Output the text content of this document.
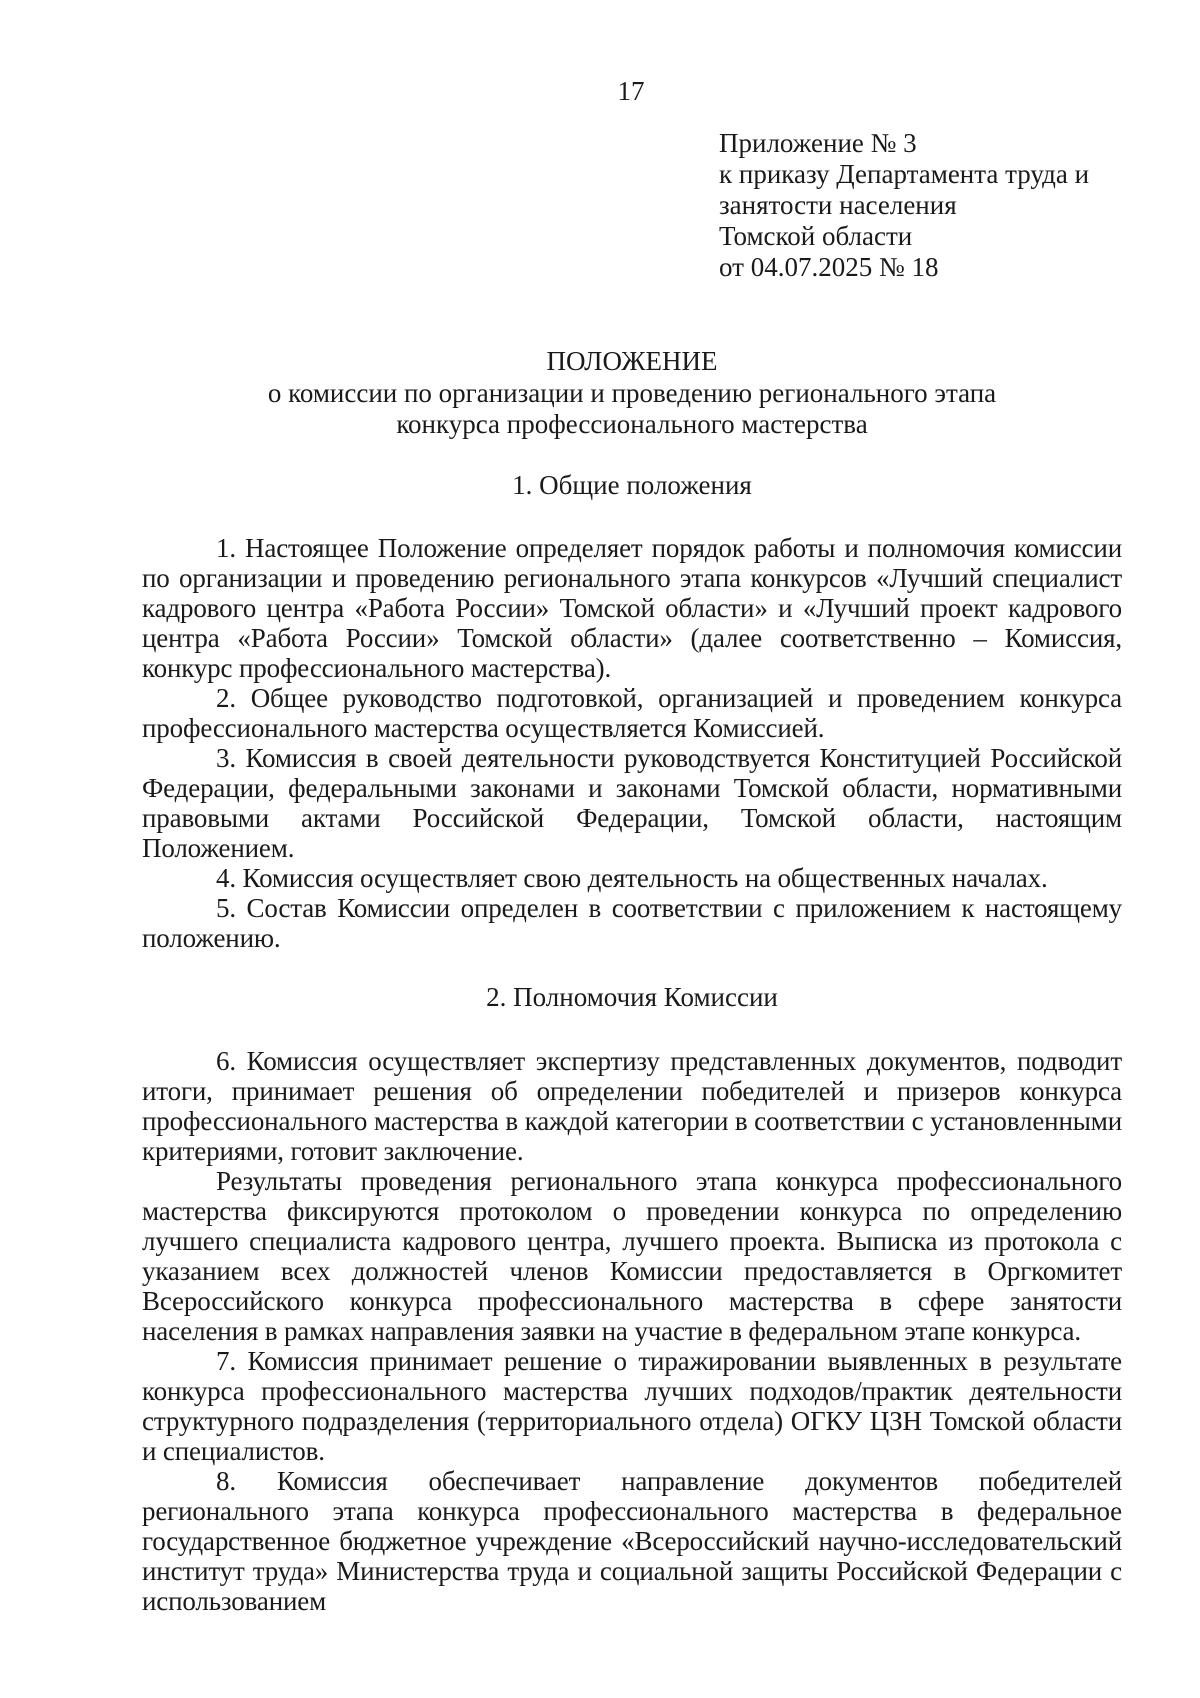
17
Приложение № 3
к приказу Департамента труда и
занятости населения
Томской области
от 04.07.2025 № 18
ПОЛОЖЕНИЕ
о комиссии по организации и проведению регионального этапа
конкурса профессионального мастерства
1. Общие положения

1. Настоящее Положение определяет порядок работы и полномочия комиссии по организации и проведению регионального этапа конкурсов «Лучший специалист кадрового центра «Работа России» Томской области» и «Лучший проект кадрового центра «Работа России» Томской области» (далее соответственно – Комиссия, конкурс профессионального мастерства).

2. Общее руководство подготовкой, организацией и проведением конкурса профессионального мастерства осуществляется Комиссией.

3. Комиссия в своей деятельности руководствуется Конституцией Российской Федерации, федеральными законами и законами Томской области, нормативными правовыми актами Российской Федерации, Томской области, настоящим Положением.

4. Комиссия осуществляет свою деятельность на общественных началах.

5. Состав Комиссии определен в соответствии с приложением к настоящему положению.

2. Полномочия Комиссии

6. Комиссия осуществляет экспертизу представленных документов, подводит итоги, принимает решения об определении победителей и призеров конкурса профессионального мастерства в каждой категории в соответствии с установленными критериями, готовит заключение.

Результаты проведения регионального этапа конкурса профессионального мастерства фиксируются протоколом о проведении конкурса по определению лучшего специалиста кадрового центра, лучшего проекта. Выписка из протокола с указанием всех должностей членов Комиссии предоставляется в Оргкомитет Всероссийского конкурса профессионального мастерства в сфере занятости населения в рамках направления заявки на участие в федеральном этапе конкурса.

7. Комиссия принимает решение о тиражировании выявленных в результате конкурса профессионального мастерства лучших подходов/практик деятельности структурного подразделения (территориального отдела) ОГКУ ЦЗН Томской области и специалистов.

8. Комиссия обеспечивает направление документов победителей регионального этапа конкурса профессионального мастерства в федеральное государственное бюджетное учреждение «Всероссийский научно-исследовательский институт труда» Министерства труда и социальной защиты Российской Федерации с использованием
